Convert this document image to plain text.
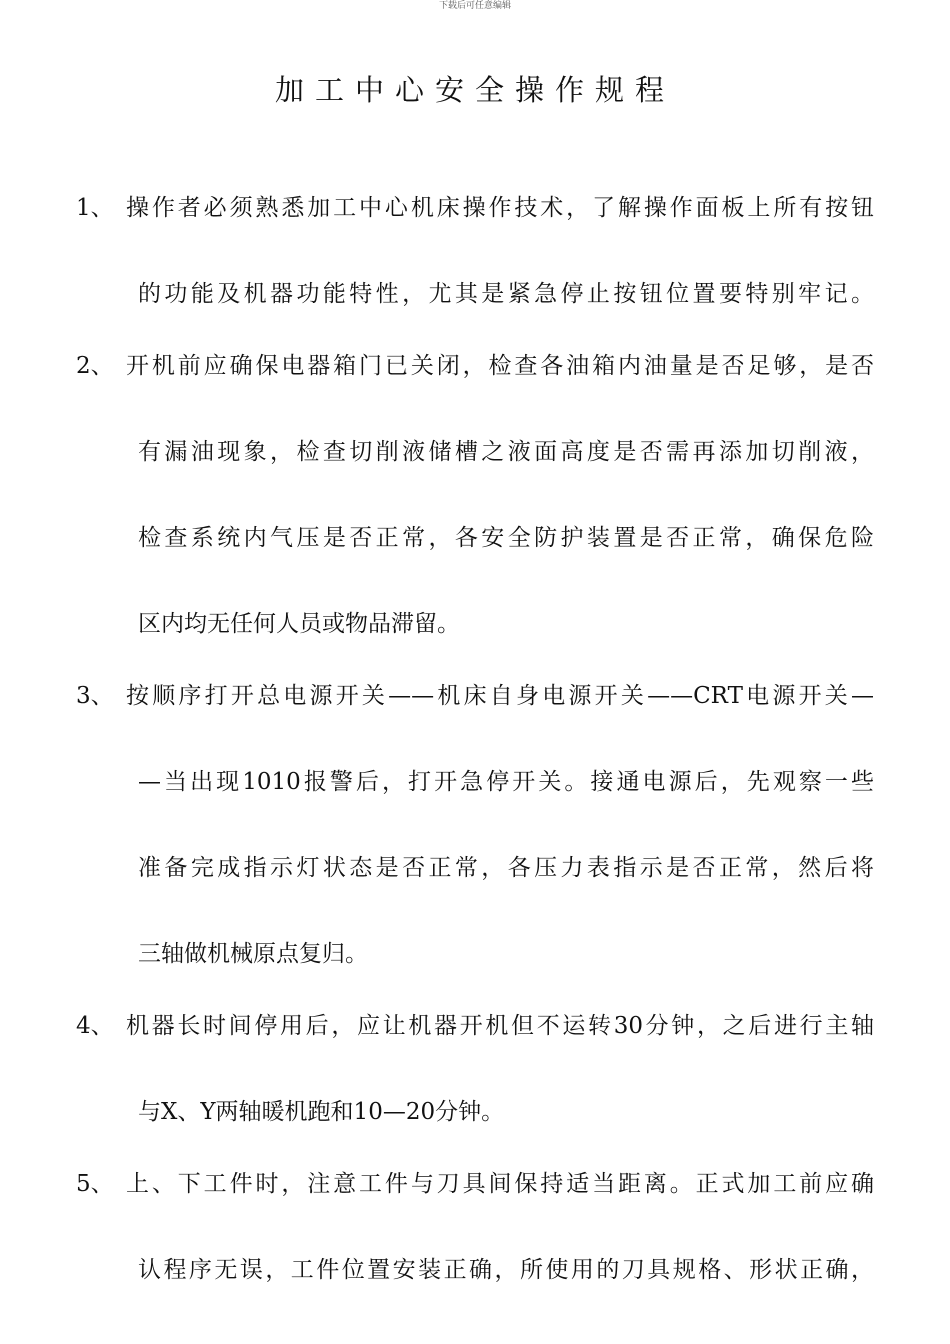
下载后可任意编辑
加工中心安全操作规程
1、 操作者必须熟悉加工中心机床操作技术，了解操作面板上所有按钮
的功能及机器功能特性，尤其是紧急停止按钮位置要特别牢记。
2、 开机前应确保电器箱门已关闭，检查各油箱内油量是否足够，是否
有漏油现象，检查切削液储槽之液面高度是否需再添加切削液，
检查系统内气压是否正常，各安全防护装置是否正常，确保危险
区内均无任何人员或物品滞留。
3、 按顺序打开总电源开关——机床自身电源开关——CRT电源开关—
—当出现1010报警后，打开急停开关。接通电源后，先观察一些
准备完成指示灯状态是否正常，各压力表指示是否正常，然后将
三轴做机械原点复归。
4、 机器长时间停用后，应让机器开机但不运转30分钟，之后进行主轴
与X、Y两轴暖机跑和10—20分钟。
5、 上、下工件时，注意工件与刀具间保持适当距离。正式加工前应确
认程序无误，工件位置安装正确，所使用的刀具规格、形状正确，
